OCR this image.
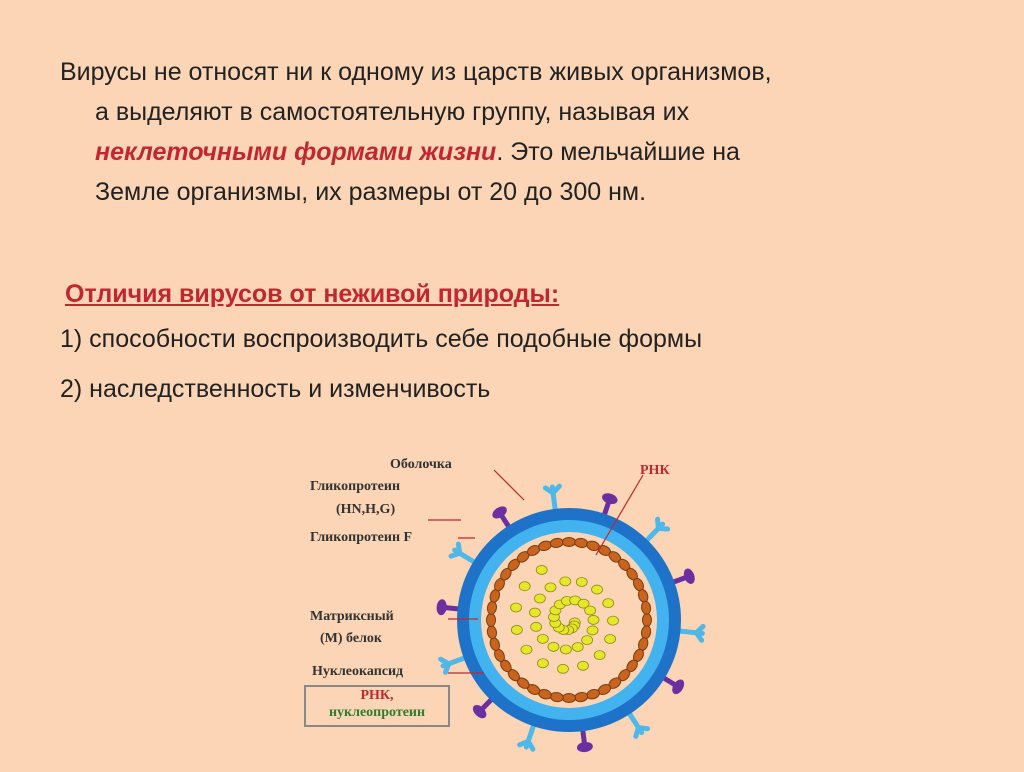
Вирусы не относят ни к одному из царств живых организмов,
а выделяют в самостоятельную группу, называя их
неклеточными формами жизни. Это мельчайшие на
Земле организмы, их размеры от 20 до 300 нм.
Отличия вирусов от неживой природы:
1) способности воспроизводить себе подобные формы
2) наследственность и изменчивость
Оболочка
Гликопротеин
(HN,H,G)
Гликопротеин F
Матриксный
(М) белок
Нуклеокапсид
РНК
РНК,
нуклеопротеин
